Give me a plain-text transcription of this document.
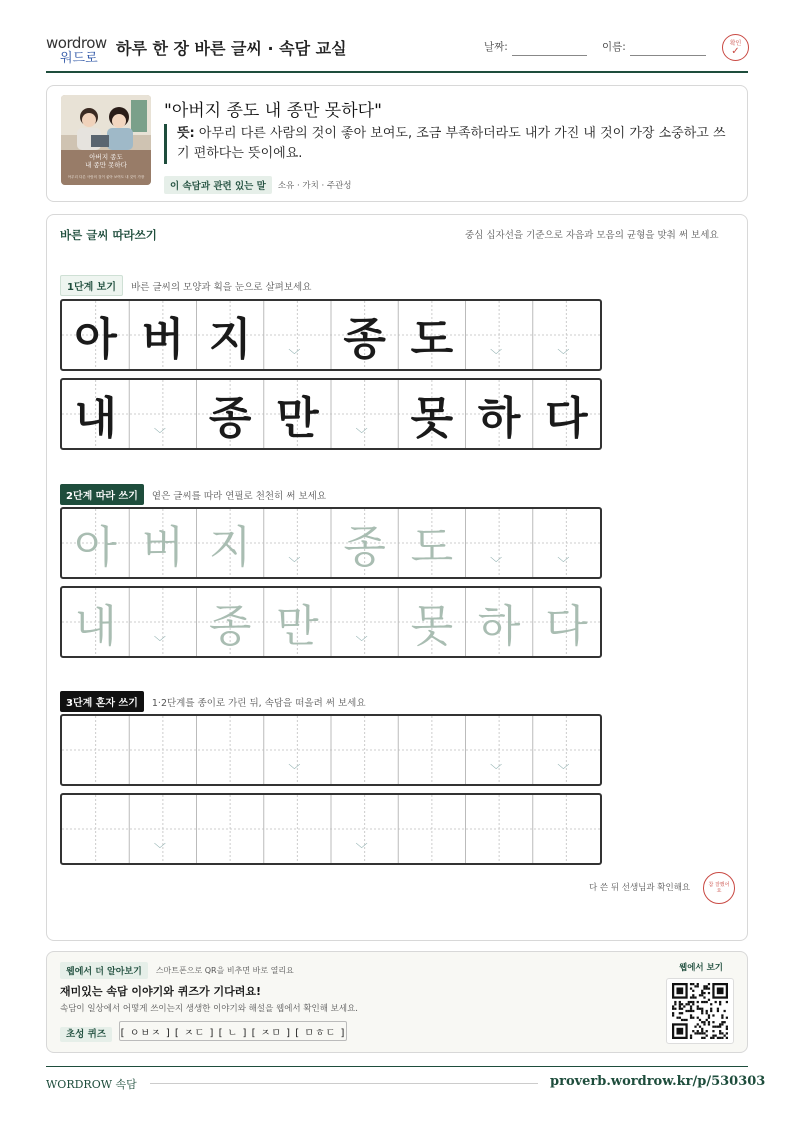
wordrow
워드로
하루 한 장 바른 글씨 · 속담 교실	날짜:	이름:	확인
✓
아버지 종도
내 종만 못하다
아무리 다른 사람의 것이 좋아 보여도 내 것이 가장
"아버지 종도 내 종만 못하다"
뜻: 아무리 다른 사람의 것이 좋아 보여도, 조금 부족하더라도 내가 가진 내 것이 가장 소중하고 쓰기 편하다는 뜻이에요.
이 속담과 관련 있는 말	소유 · 가치 · 주관성
바른 글씨 따라쓰기	중심 십자선을 기준으로 자음과 모음의 균형을 맞춰 써 보세요
1단계 보기	바른 글씨의 모양과 획을 눈으로 살펴보세요
아 버 지	﹀ 종 도	﹀	﹀
내	﹀ 종 만	﹀ 못 하 다
2단계 따라 쓰기	옅은 글씨를 따라 연필로 천천히 써 보세요
아 버 지	﹀ 종 도	﹀	﹀
내	﹀ 종 만	﹀ 못 하 다
3단계 혼자 쓰기	1·2단계를 종이로 가린 뒤, 속담을 떠올려 써 보세요
﹀	﹀	﹀
﹀	﹀
다 쓴 뒤 선생님과 확인해요	참 잘했어요
웹에서 더 알아보기	스마트폰으로 QR을 비추면 바로 열리요
재미있는 속담 이야기와 퀴즈가 기다려요!
속담이 일상에서 어떻게 쓰이는지 생생한 이야기와 해설을 웹에서 확인해 보세요.
초성 퀴즈	[ ㅇㅂㅈ ] [ ㅈㄷ ] [ ㄴ ] [ ㅈㅁ ] [ ㅁㅎㄷ ]
웹에서 보기
WORDROW 속담	proverb.wordrow.kr/p/530303
